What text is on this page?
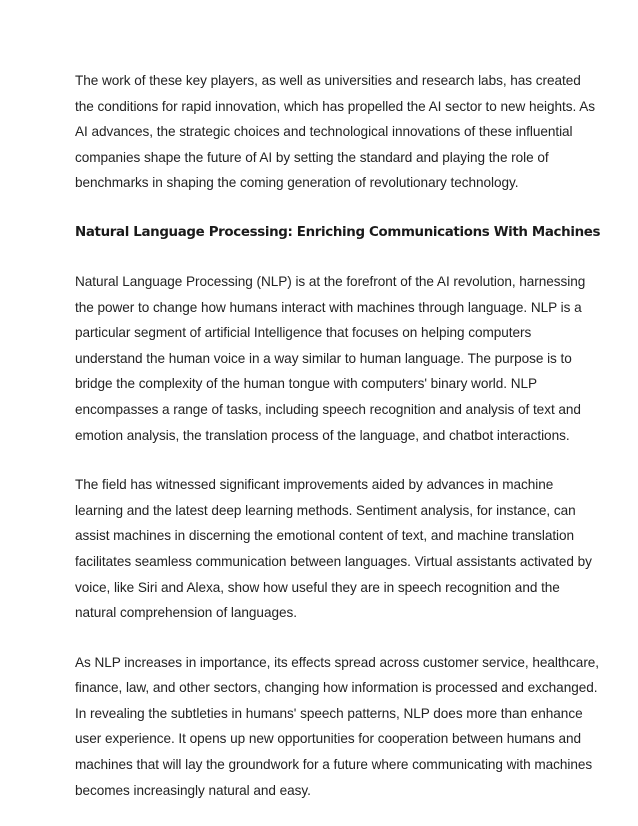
The work of these key players, as well as universities and research labs, has created
the conditions for rapid innovation, which has propelled the AI sector to new heights. As
AI advances, the strategic choices and technological innovations of these influential
companies shape the future of AI by setting the standard and playing the role of
benchmarks in shaping the coming generation of revolutionary technology.

Natural Language Processing: Enriching Communications With Machines

Natural Language Processing (NLP) is at the forefront of the AI revolution, harnessing
the power to change how humans interact with machines through language. NLP is a
particular segment of artificial Intelligence that focuses on helping computers
understand the human voice in a way similar to human language. The purpose is to
bridge the complexity of the human tongue with computers' binary world. NLP
encompasses a range of tasks, including speech recognition and analysis of text and
emotion analysis, the translation process of the language, and chatbot interactions.

The field has witnessed significant improvements aided by advances in machine
learning and the latest deep learning methods. Sentiment analysis, for instance, can
assist machines in discerning the emotional content of text, and machine translation
facilitates seamless communication between languages. Virtual assistants activated by
voice, like Siri and Alexa, show how useful they are in speech recognition and the
natural comprehension of languages.

As NLP increases in importance, its effects spread across customer service, healthcare,
finance, law, and other sectors, changing how information is processed and exchanged.
In revealing the subtleties in humans' speech patterns, NLP does more than enhance
user experience. It opens up new opportunities for cooperation between humans and
machines that will lay the groundwork for a future where communicating with machines
becomes increasingly natural and easy.
